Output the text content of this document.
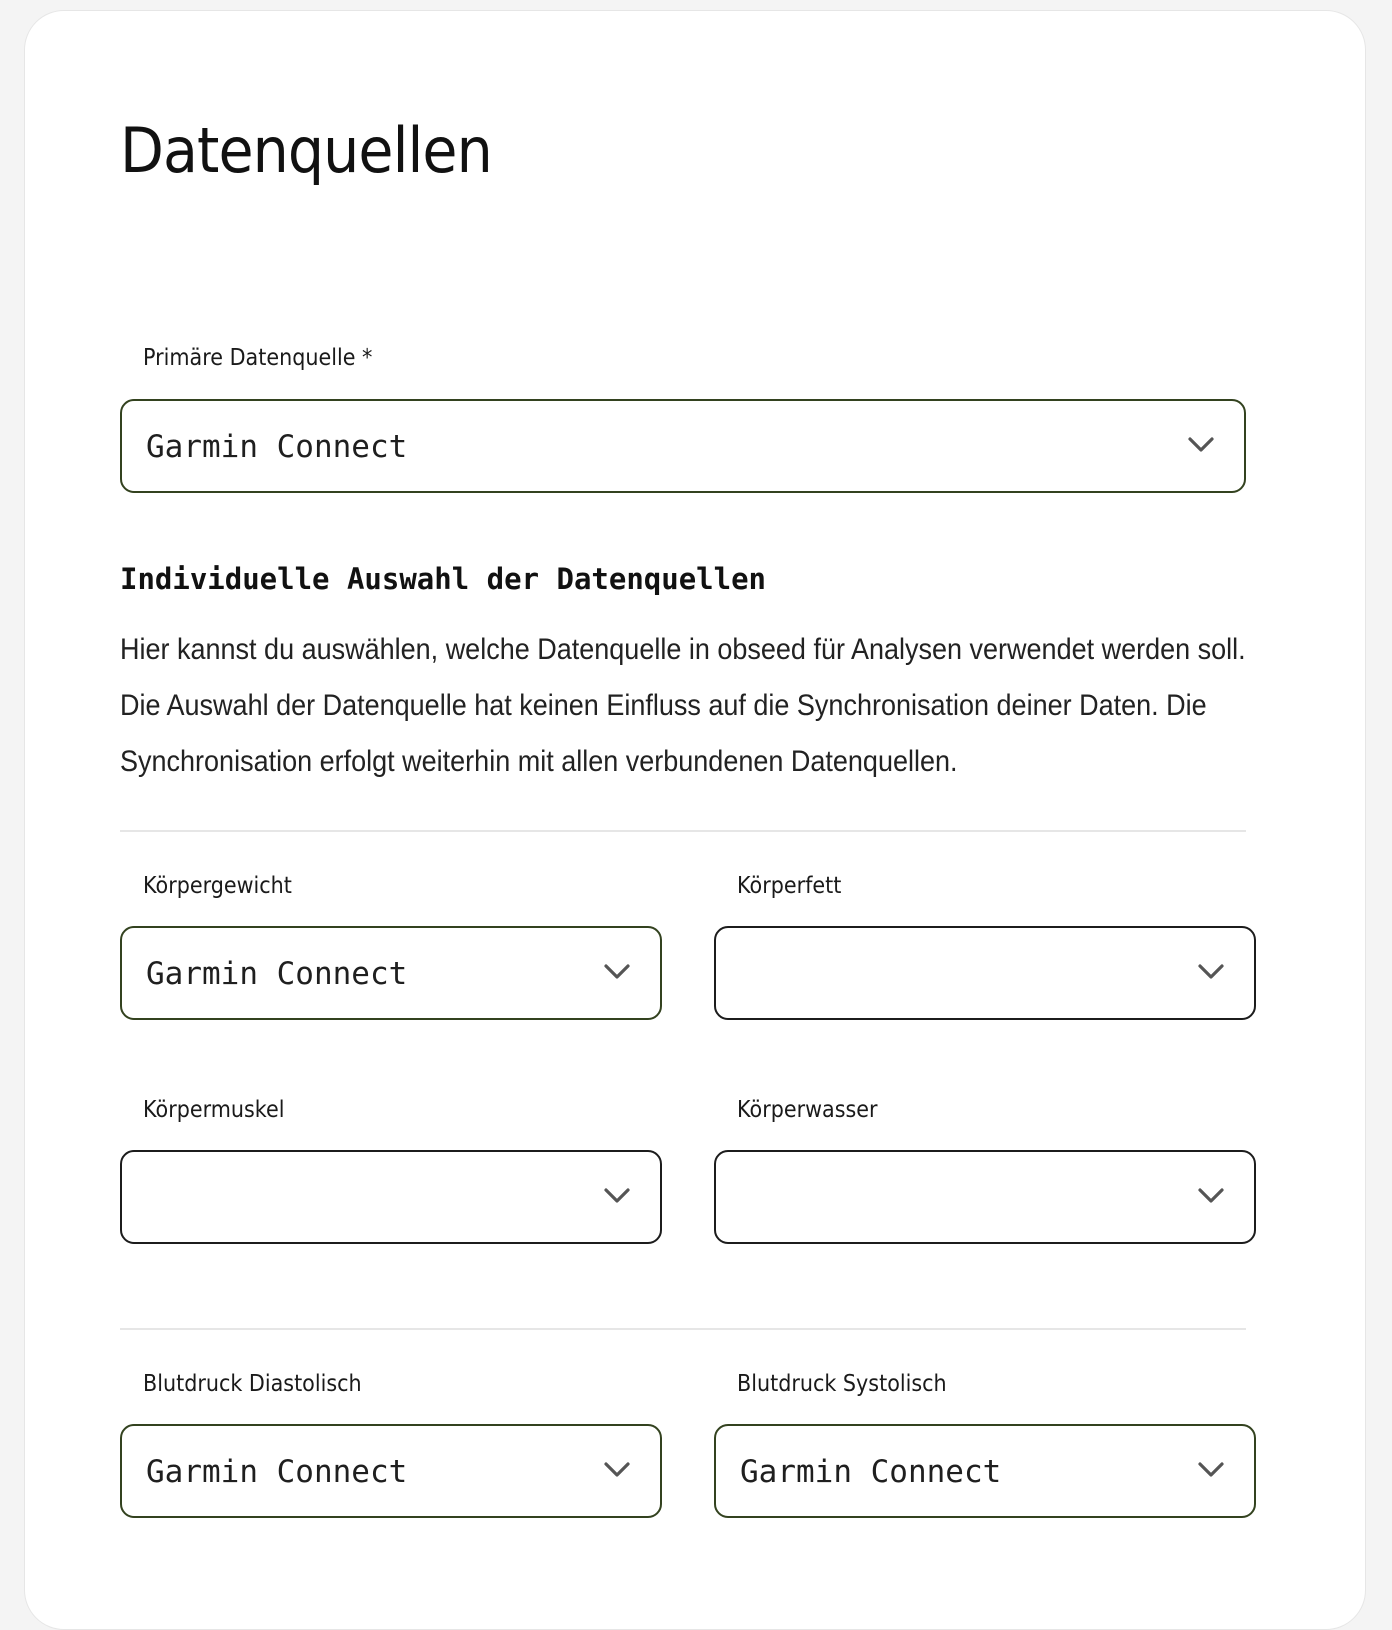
Datenquellen
Primäre Datenquelle *
Garmin Connect
Individuelle Auswahl der Datenquellen

Hier kannst du auswählen, welche Datenquelle in obseed für Analysen verwendet werden soll. Die Auswahl der Datenquelle hat keinen Einfluss auf die Synchronisation deiner Daten. Die Synchronisation erfolgt weiterhin mit allen verbundenen Datenquellen.

Körpergewicht
Garmin Connect
Körperfett
Körpermuskel	Körperwasser
Blutdruck Diastolisch
Garmin Connect
Blutdruck Systolisch
Garmin Connect
